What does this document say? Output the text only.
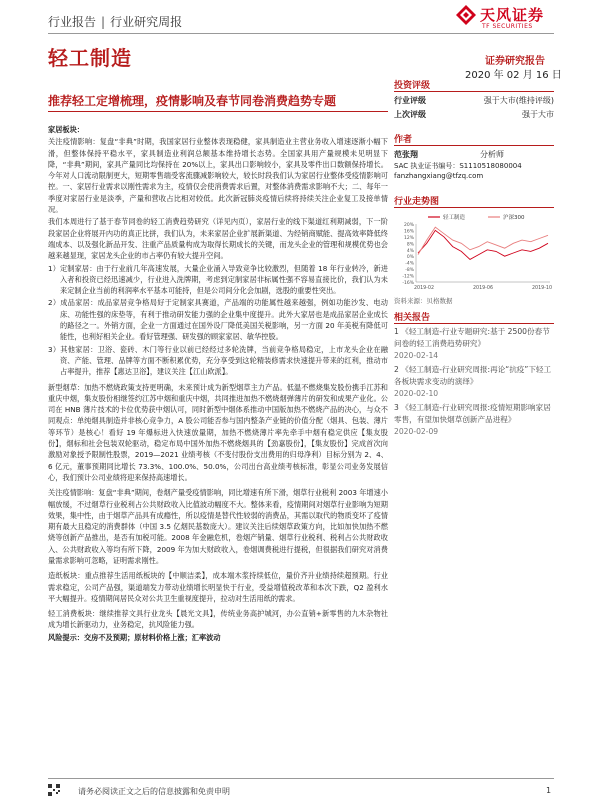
行业报告 | 行业研究周报	天风证券
TF SECURITIES
轻工制造	证券研究报告
2020 年 02 月 16 日
推荐轻工定增梳理，疫情影响及春节同卷消费趋势专题

家居板块：

关注疫情影响：复盘“非典”时期，我国家居行业整体表现稳健，家具制造业主营业务收入增速逐渐小幅下滑，但整体保持平稳水平，家具制造业利润总额基本维持增长态势。全国家具用产量规模未见明显下降，“非典”期间，家具产量同比均保持在 20%以上，家具出口影响较小，家具及零件出口数额保持增长。今年对人口流动限制更大，短期零售端受客流骤减影响较大，较长时段我们认为家居行业整体受疫情影响可控。一、家居行业需求以刚性需求为主，疫情仅会使消费需求后置，对整体消费需求影响不大；二、每年一季度对家居行业是淡季，产量和营收占比相对较低。此次新冠肺炎疫情后续将持续关注企业复工及接单情况。

我们本周进行了基于春节同卷的轻工消费趋势研究（详见内页），家居行业的线下渠道红利期减弱，下一阶段家居企业将展开内功的真正比拼，我们认为，未来家居企业扩展新渠道、为经销商赋能、提高效率降低终端成本、以及强化新品开发、注重产品质量构成为取得长期成长的关键，而龙头企业的管理和规模优势也会越来越显现，家居龙头企业的市占率仍有较大提升空间。

1）定制家居：由于行业前几年高速发展，大量企业涌入导致竞争比较激烈，但随着 18 年行业转冷，新进入者和投资已经迅速减少，行业进入洗牌期，考虑到定制家居非标属性强不容易直接比价，我们认为未来定制企业当前的利润率水平基本可能持，但是公司间分化会加剧，选股的重要性突出。

2）成品家居：成品家居竞争格局好于定制家具赛道，产品端的功能属性越来越强，例如功能沙发、电动床、功能性强的床垫等，有利于推动研发能力强的企业集中度提升。此外大家居也是成品家居企业成长的路径之一。外销方面，企业一方面通过在国外设厂降低美国关税影响，另一方面 20 年美税有降低可能性，也利好相关企业。看好管理强、研发强的顾家家居、敏华控股。

3）其他家居：卫浴、瓷砖、木门等行业以前已经经过多轮洗牌，当前竞争格局稳定，上市龙头企业在融资、产能、管理、品牌等方面不断积累优势，充分享受到这轮精装修需求快速提升带来的红利，推动市占率提升，推荐【惠达卫浴】，建议关注【江山欧派】。

新型烟草：加热不燃烧政策支持更明确，未来预计成为新型烟草主力产品。低温不燃烧集发股份携手江苏和重庆中烟，集友股份相继签约江苏中烟和重庆中烟，共同推进加热不燃烧烟弹薄片的研发和成果产业化。公司在 HNB 薄片技术的卡位优势获中烟认可，同时新型中烟体系推动中国版加热不燃烧产品的决心，与众不同观点：单纯烟具制造并非核心竞争力，A 股公司能否参与国内整条产业链的价值分配（烟具、包装、薄片等环节）是核心！看好 19 年爆标进入快速放量期，加热不燃烧薄片率先牵手中烟有稳定供应【集友股份】，烟标和社会包装双轮驱动，稳定布局中国外加热不燃烧烟具的【劲嘉股份】，【集友股份】完成首次向激励对象授予限制性股票，2019—2021 业绩考核（不变付股份支出费用的归母净利）目标分别为 2、4、6 亿元，董事预期同比增长 73.3%、100.0%、50.0%，公司出台高业绩考核标准，彰显公司业务发展信心，我们预计公司业绩将迎来保持高速增长。

关注疫情影响：复盘“非典”期间，卷烟产量受疫情影响，同比增速有所下滑，烟草行业税利 2003 年增速小幅放缓，不过烟草行业税利占公共财政收入比值波动幅度不大。整体来看，疫情期间对烟草行业影响为短期效果，集中性，由于烟草产品具有成瘾性，所以疫情是替代性较弱的消费品，其需以取代的物质变坏了疫情期有最大且稳定的消费群体（中国 3.5 亿烟民基数庞大）。建议关注后续烟草政策方向，比如加快加热不燃烧等创新产品推出，是否有加税可能。2008 年金融危机，卷烟产销量、烟草行业税利、税利占公共财政收入、公共财政收入等均有所下降，2009 年为加大财政收入，卷烟调费税进行提税，但很据我们研究对消费量需求影响可忽略，证明需求刚性。

造纸板块：重点推荐生活用纸板块的【中顺洁柔】，成本端木浆持续低位，量价齐升业绩持续超预期。行业需求稳定，公司产品强，渠道端发力带动业绩增长明显快于行业，受益增值税改革和本次下跌，Q2 盈利水平大幅提升。疫情期间居民众对公共卫生重视度提升，拉动对生活用纸的需求。

轻工消费板块：继续推荐文具行业龙头【晨光文具】，传统业务高护城河，办公直销+新零售的九木杂物社成为增长新驱动力，业务稳定，抗风险能力强。

风险提示：交房不及预期；原材料价格上涨；汇率波动

投资评级
行业评级	强于大市(维持评级)
上次评级	强于大市
作者
范张翔	分析师
SAC 执业证书编号：S1110518080004
fanzhangxiang@tfzq.com
行业走势图
20%
16%
12%
8%
4%
0%
-4%
-8%
-12%
-16%
2019-02	2019-06	2019-10
轻工制造	沪深300
资料来源：贝格数据
相关报告
1 《轻工制造-行业专题研究:基于 2500份春节问卷的轻工消费趋势研究》
2020-02-14
2 《轻工制造-行业研究周报:再论“抗疫”下轻工各板块需求变动的演绎》
2020-02-10
3 《轻工制造-行业研究周报:疫情短期影响家居零售，有望加快烟草创新产品进程》
2020-02-09
请务必阅读正文之后的信息披露和免责申明	1
